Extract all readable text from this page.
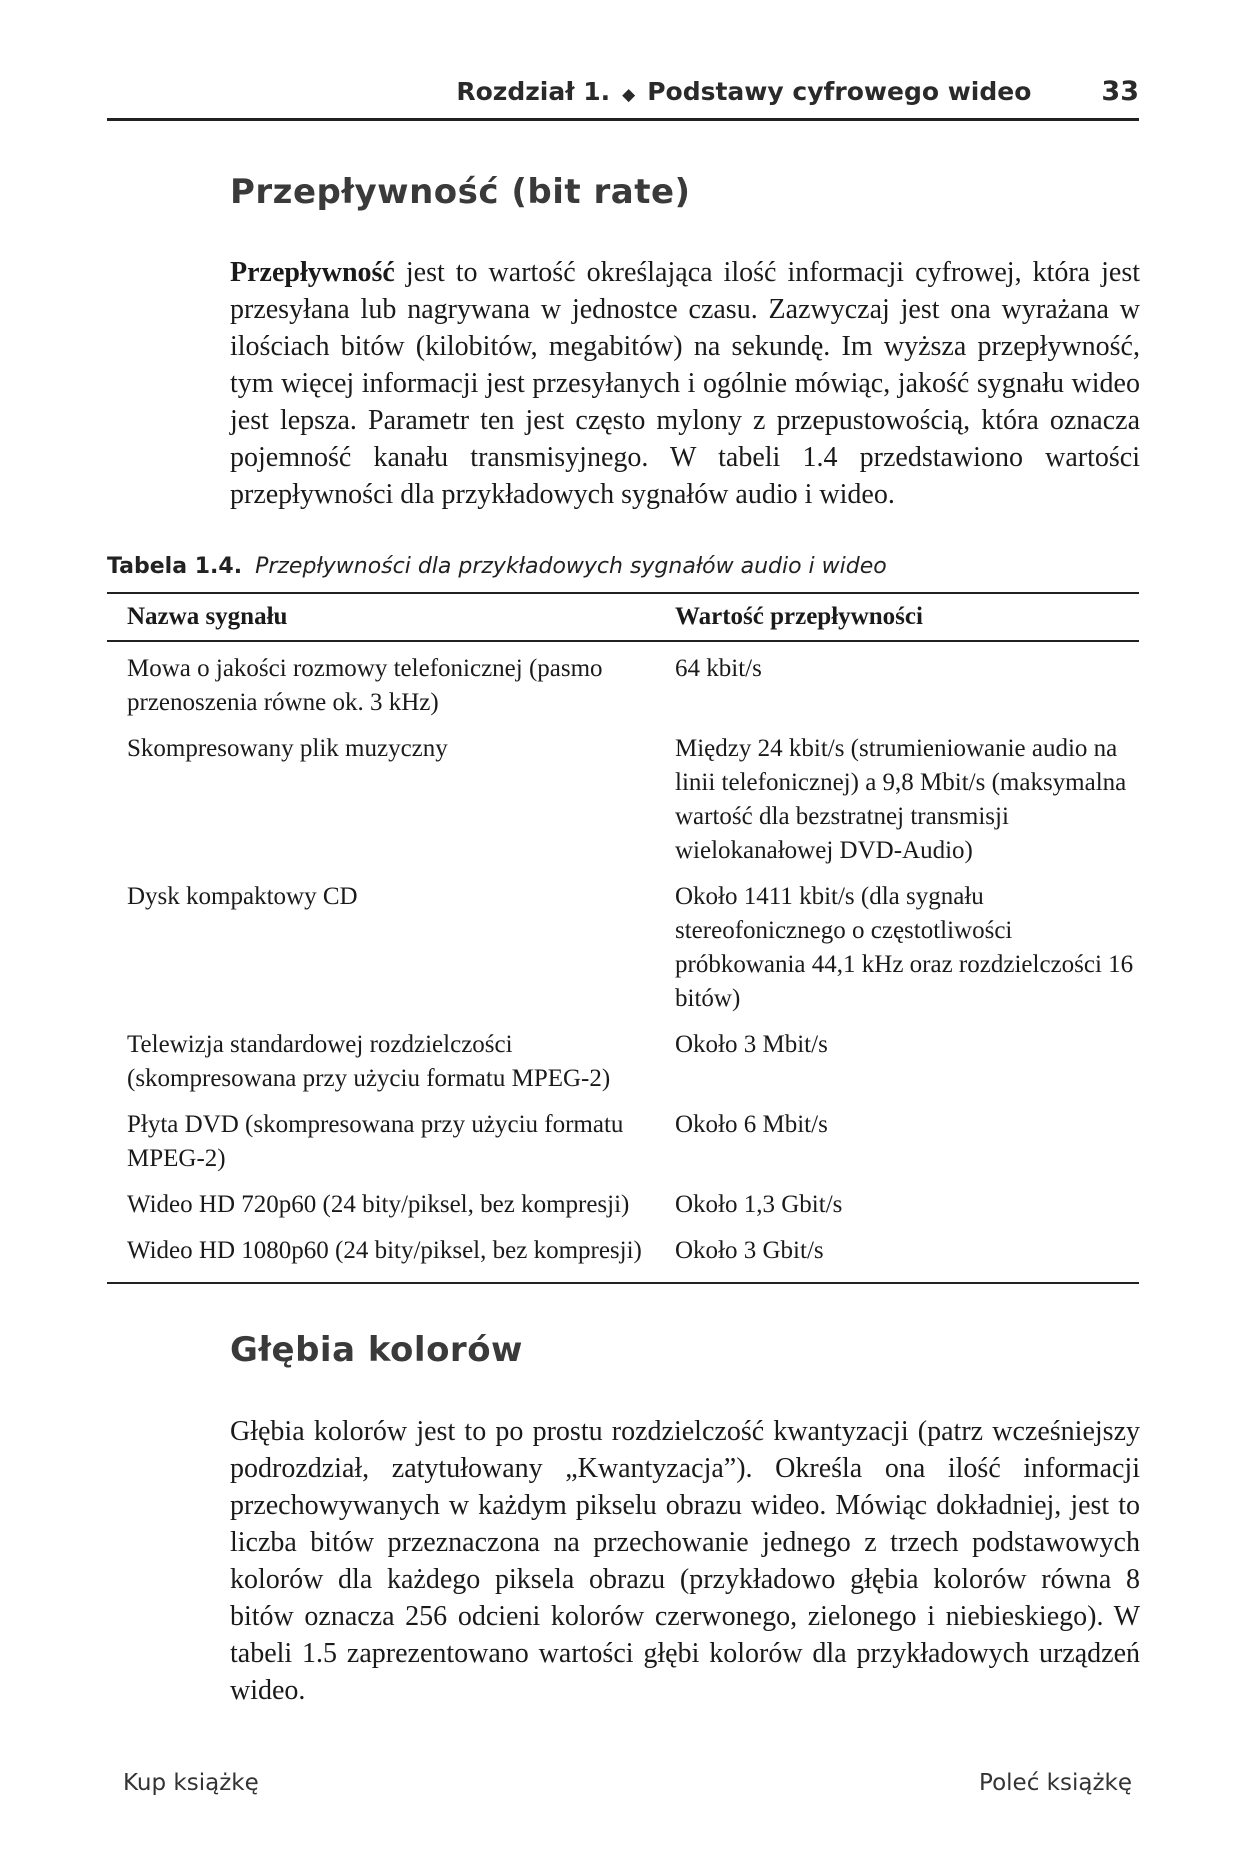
Rozdział 1. ◆ Podstawy cyfrowego wideo	33
Przepływność (bit rate)

Przepływność jest to wartość określająca ilość informacji cyfrowej, która jest przesyłana lub nagrywana w jednostce czasu. Zazwyczaj jest ona wyrażana w ilościach bitów (kilobitów, megabitów) na sekundę. Im wyższa przepływność, tym więcej informacji jest przesyłanych i ogólnie mówiąc, jakość sygnału wideo jest lepsza. Parametr ten jest często mylony z przepustowością, która oznacza pojemność kanału transmisyjnego. W tabeli 1.4 przedstawiono wartości przepływności dla przykładowych sygnałów audio i wideo.

Tabela 1.4. Przepływności dla przykładowych sygnałów audio i wideo
Nazwa sygnału	Wartość przepływności
Mowa o jakości rozmowy telefonicznej (pasmo przenoszenia równe ok. 3 kHz)	64 kbit/s
Skompresowany plik muzyczny	Między 24 kbit/s (strumieniowanie audio na linii telefonicznej) a 9,8 Mbit/s (maksymalna wartość dla bezstratnej transmisji wielokanałowej DVD-Audio)
Dysk kompaktowy CD	Około 1411 kbit/s (dla sygnału stereofonicznego o częstotliwości próbkowania 44,1 kHz oraz rozdzielczości 16 bitów)
Telewizja standardowej rozdzielczości (skompresowana przy użyciu formatu MPEG-2)	Około 3 Mbit/s
Płyta DVD (skompresowana przy użyciu formatu MPEG-2)	Około 6 Mbit/s
Wideo HD 720p60 (24 bity/piksel, bez kompresji)	Około 1,3 Gbit/s
Wideo HD 1080p60 (24 bity/piksel, bez kompresji)	Około 3 Gbit/s
Głębia kolorów

Głębia kolorów jest to po prostu rozdzielczość kwantyzacji (patrz wcześniejszy podrozdział, zatytułowany „Kwantyzacja”). Określa ona ilość informacji przechowywanych w każdym pikselu obrazu wideo. Mówiąc dokładniej, jest to liczba bitów przeznaczona na przechowanie jednego z trzech podstawowych kolorów dla każdego piksela obrazu (przykładowo głębia kolorów równa 8 bitów oznacza 256 odcieni kolorów czerwonego, zielonego i niebieskiego). W tabeli 1.5 zaprezentowano wartości głębi kolorów dla przykładowych urządzeń wideo.

Kup książkę	Poleć książkę
